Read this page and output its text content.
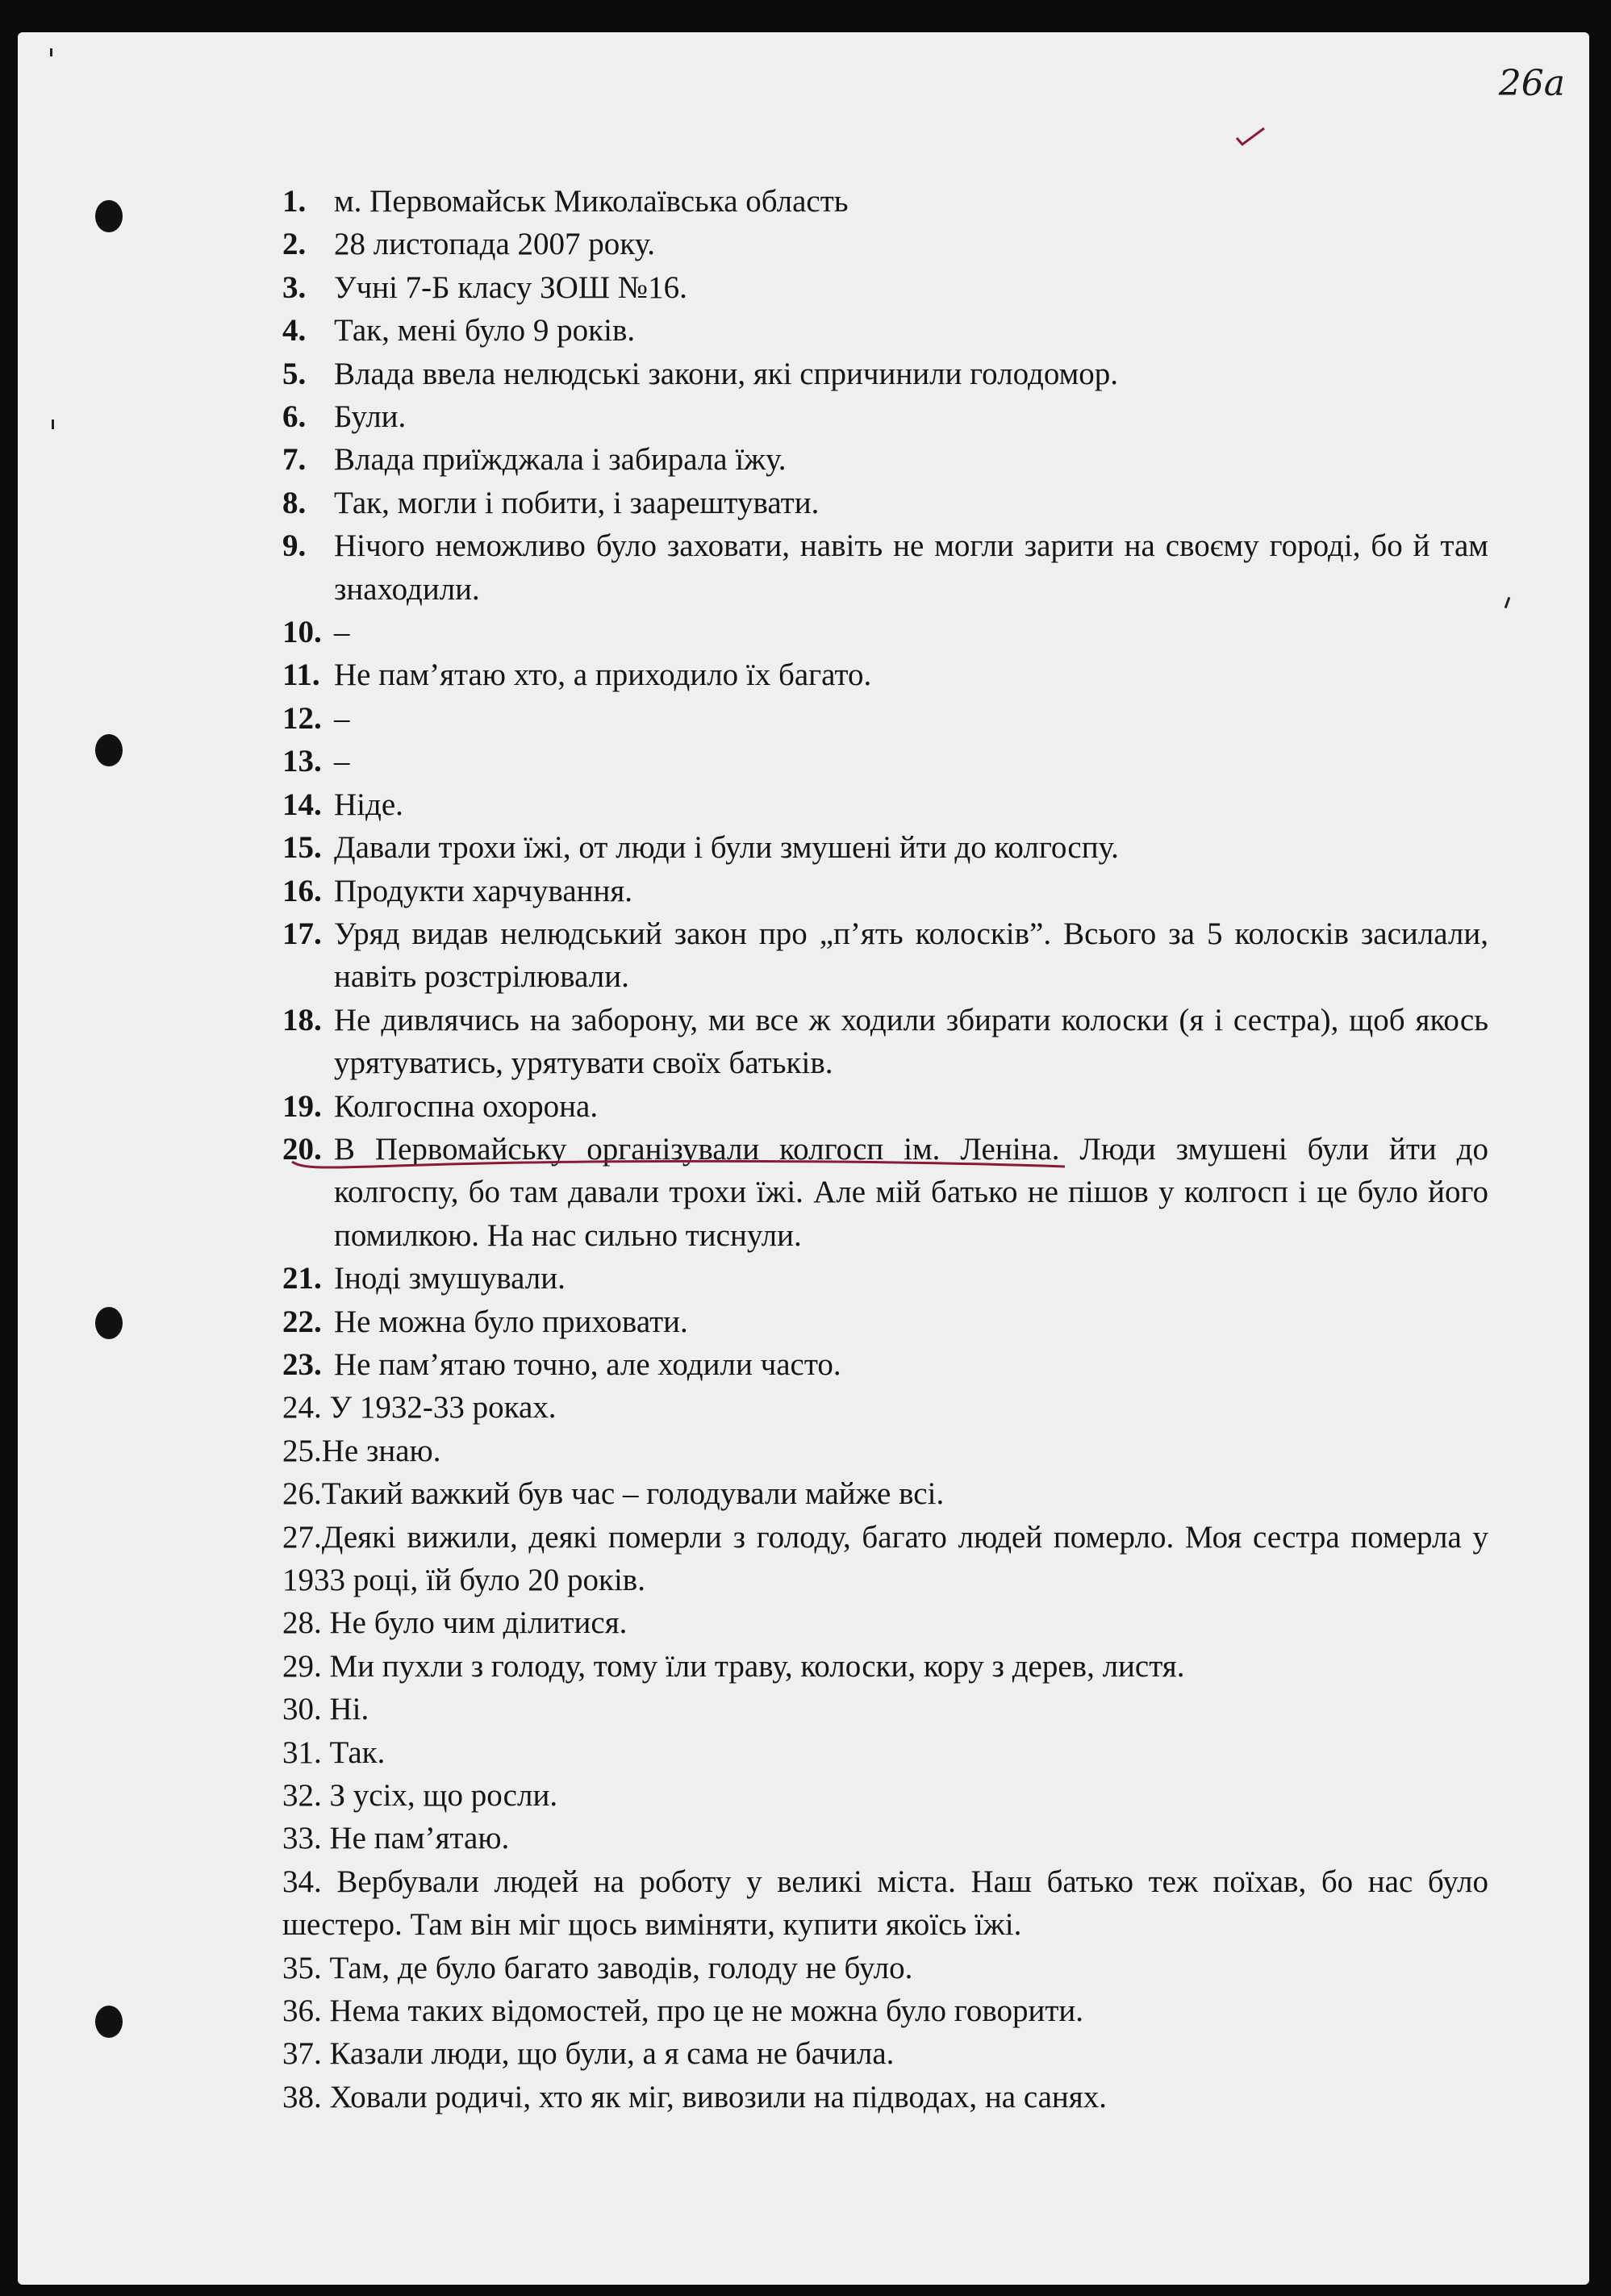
26а
1. м. Первомайськ Миколаївська область
2. 28 листопада 2007 року.
3. Учні 7-Б класу ЗОШ №16.
4. Так, мені було 9 років.
5. Влада ввела нелюдські закони, які спричинили голодомор.
6. Були.
7. Влада приїжджала і забирала їжу.
8. Так, могли і побити, і заарештувати.
9. Нічого неможливо було заховати, навіть не могли зарити на своєму городі, бо й там знаходили.
10. –
11. Не пам’ятаю хто, а приходило їх багато.
12. –
13. –
14. Ніде.
15. Давали трохи їжі, от люди і були змушені йти до колгоспу.
16. Продукти харчування.
17. Уряд видав нелюдський закон про „п’ять колосків”. Всього за 5 колосків засилали, навіть розстрілювали.
18. Не дивлячись на заборону, ми все ж ходили збирати колоски (я і сестра), щоб якось урятуватись, урятувати своїх батьків.
19. Колгоспна охорона.
20. В Первомайську організували колгосп ім. Леніна. Люди змушені були йти до колгоспу, бо там давали трохи їжі. Але мій батько не пішов у колгосп і це було його помилкою. На нас сильно тиснули.
21. Іноді змушували.
22. Не можна було приховати.
23. Не пам’ятаю точно, але ходили часто.
24. У 1932-33 роках.
25.Не знаю.
26.Такий важкий був час – голодували майже всі.
27.Деякі вижили, деякі померли з голоду, багато людей померло. Моя сестра померла у 1933 році, їй було 20 років.
28. Не було чим ділитися.
29. Ми пухли з голоду, тому їли траву, колоски, кору з дерев, листя.
30. Ні.
31. Так.
32. З усіх, що росли.
33. Не пам’ятаю.
34. Вербували людей на роботу у великі міста. Наш батько теж поїхав, бо нас було шестеро. Там він міг щось виміняти, купити якоїсь їжі.
35. Там, де було багато заводів, голоду не було.
36. Нема таких відомостей, про це не можна було говорити.
37. Казали люди, що були, а я сама не бачила.
38. Ховали родичі, хто як міг, вивозили на підводах, на санях.
